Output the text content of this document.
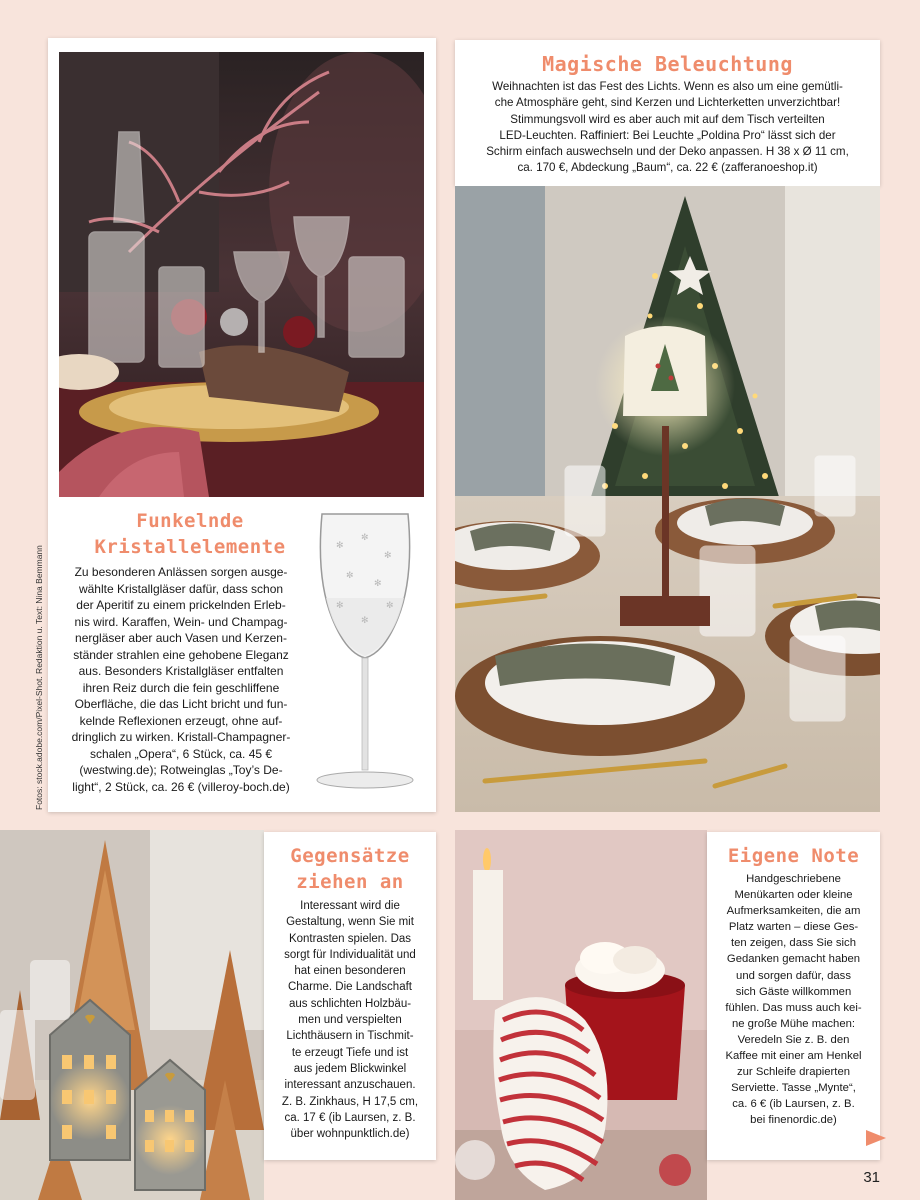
Funkelnde
Kristallelemente
Zu besonderen Anlässen sorgen ausge-
wählte Kristallgläser dafür, dass schon
der Aperitif zu einem prickelnden Erleb-
nis wird. Karaffen, Wein- und Champag-
nergläser aber auch Vasen und Kerzen-
ständer strahlen eine gehobene Eleganz
aus. Besonders Kristallgläser entfalten
ihren Reiz durch die fein geschliffene
Oberfläche, die das Licht bricht und fun-
kelnde Reflexionen erzeugt, ohne auf-
dringlich zu wirken. Kristall-Champagner-
schalen „Opera“, 6 Stück, ca. 45 €
(westwing.de); Rotweinglas „Toy’s De-
light“, 2 Stück, ca. 26 € (villeroy-boch.de)
✻
✼
✻
✼
✻
✻	✼
✻
Magische Beleuchtung
Weihnachten ist das Fest des Lichts. Wenn es also um eine gemütli-
che Atmosphäre geht, sind Kerzen und Lichterketten unverzichtbar!
Stimmungsvoll wird es aber auch mit auf dem Tisch verteilten
LED-Leuchten. Raffiniert: Bei Leuchte „Poldina Pro“ lässt sich der
Schirm einfach auswechseln und der Deko anpassen. H 38 x Ø 11 cm,
ca. 170 €, Abdeckung „Baum“, ca. 22 € (zafferanoeshop.it)
Fotos: stock.adobe.com/Pixel-Shot. Redaktion u. Text: Nina Bemmann
Gegensätze
ziehen an
Interessant wird die
Gestaltung, wenn Sie mit
Kontrasten spielen. Das
sorgt für Individualität und
hat einen besonderen
Charme. Die Landschaft
aus schlichten Holzbäu-
men und verspielten
Lichthäusern in Tischmit-
te erzeugt Tiefe und ist
aus jedem Blickwinkel
interessant anzuschauen.
Z. B. Zinkhaus, H 17,5 cm,
ca. 17 € (ib Laursen, z. B.
über wohnpunktlich.de)
Eigene Note
Handgeschriebene
Menükarten oder kleine
Aufmerksamkeiten, die am
Platz warten – diese Ges-
ten zeigen, dass Sie sich
Gedanken gemacht haben
und sorgen dafür, dass
sich Gäste willkommen
fühlen. Das muss auch kei-
ne große Mühe machen:
Veredeln Sie z. B. den
Kaffee mit einer am Henkel
zur Schleife drapierten
Serviette. Tasse „Mynte“,
ca. 6 € (ib Laursen, z. B.
bei finenordic.de)
31
